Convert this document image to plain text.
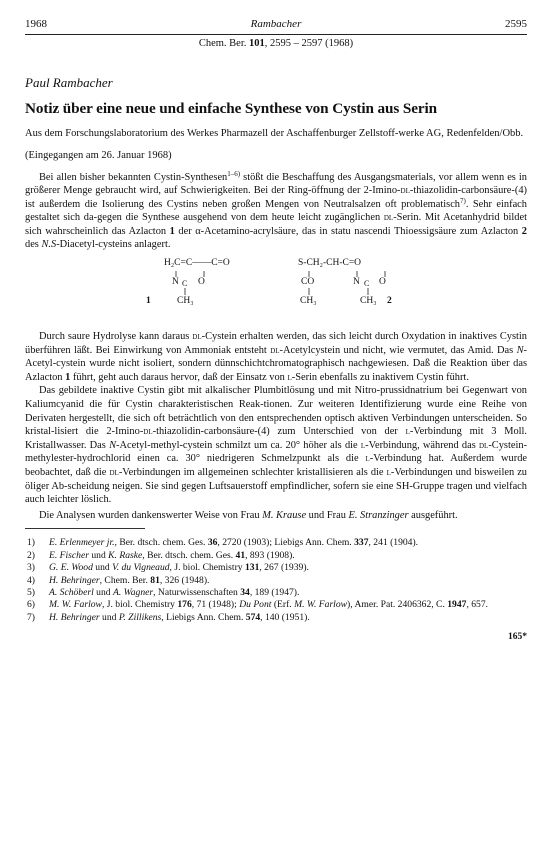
1968	Rambacher	2595
Chem. Ber. 101, 2595 – 2597 (1968)
Paul Rambacher
Notiz über eine neue und einfache Synthese von Cystin aus Serin
Aus dem Forschungslaboratorium des Werkes Pharmazell der Aschaffenburger Zellstoff-werke AG, Redenfelden/Obb.
(Eingegangen am 26. Januar 1968)

Bei allen bisher bekannten Cystin-Synthesen$^{1-6)}$ stößt die Beschaffung des Ausgangsmaterials, vor allem wenn es in größerer Menge gebraucht wird, auf Schwierigkeiten. Bei der Ring-öffnung der 2-Imino-dl-thiazolidin-carbonsäure-(4) ist außerdem die Isolierung des Cystins neben großen Mengen von Neutralsalzen oft problematisch$^{7)}$. Sehr einfach gestaltet sich da-gegen die Synthese ausgehend von dem heute leicht zugänglichen dl-Serin. Mit Acetanhydrid bildet sich wahrscheinlich das Azlacton 1 der α-Acetamino-acrylsäure, das in statu nascendi Thioessigsäure zum Azlacton 2 des N.S-Diacetyl-cysteins anlagert.

H₂C=C——C=O
N C O
CH₃
1
S-CH₂-CH-C=O
CO
CH₃
N C O
CH₃ 2

Durch saure Hydrolyse kann daraus dl-Cystein erhalten werden, das sich leicht durch Oxydation in inaktives Cystin überführen läßt. Bei Einwirkung von Ammoniak entsteht dl-Acetylcystein und nicht, wie vermutet, das Amid. Das N-Acetyl-cystein wurde nicht isoliert, sondern dünnschichtchromatographisch nachgewiesen. Daß die Reaktion über das Azlacton 1 führt, geht auch daraus hervor, daß der Einsatz von l-Serin ebenfalls zu inaktivem Cystin führt.

Das gebildete inaktive Cystin gibt mit alkalischer Plumbitlösung und mit Nitro-prussidnatrium bei Gegenwart von Kaliumcyanid die für Cystin charakteristischen Reak-tionen. Zur weiteren Identifizierung wurde eine Reihe von Derivaten hergestellt, die sich oft beträchtlich von den entsprechenden optisch aktiven Verbindungen unterscheiden. So kristal-lisiert die 2-Imino-dl-thiazolidin-carbonsäure-(4) zum Unterschied von der l-Verbindung mit 3 Moll. Kristallwasser. Das N-Acetyl-methyl-cystein schmilzt um ca. 20° höher als die l-Verbindung, während das dl-Cystein-methylester-hydrochlorid einen ca. 30° niedrigeren Schmelzpunkt als die l-Verbindung hat. Außerdem wurde beobachtet, daß die dl-Verbindungen im allgemeinen schlechter kristallisieren als die l-Verbindungen und bisweilen zu öliger Ab-scheidung neigen. Sie sind gegen Luftsauerstoff empfindlicher, sofern sie eine SH-Gruppe tragen und vielfach auch leichter löslich.

Die Analysen wurden dankenswerter Weise von Frau M. Krause und Frau E. Stranzinger ausgeführt.

1)	E. Erlenmeyer jr., Ber. dtsch. chem. Ges. 36, 2720 (1903); Liebigs Ann. Chem. 337, 241 (1904).
2)	E. Fischer und K. Raske, Ber. dtsch. chem. Ges. 41, 893 (1908).
3)	G. E. Wood und V. du Vigneaud, J. biol. Chemistry 131, 267 (1939).
4)	H. Behringer, Chem. Ber. 81, 326 (1948).
5)	A. Schöberl und A. Wagner, Naturwissenschaften 34, 189 (1947).
6)	M. W. Farlow, J. biol. Chemistry 176, 71 (1948); Du Pont (Erf. M. W. Farlow), Amer. Pat. 2406362, C. 1947, 657.
7)	H. Behringer und P. Zillikens, Liebigs Ann. Chem. 574, 140 (1951).
165*
